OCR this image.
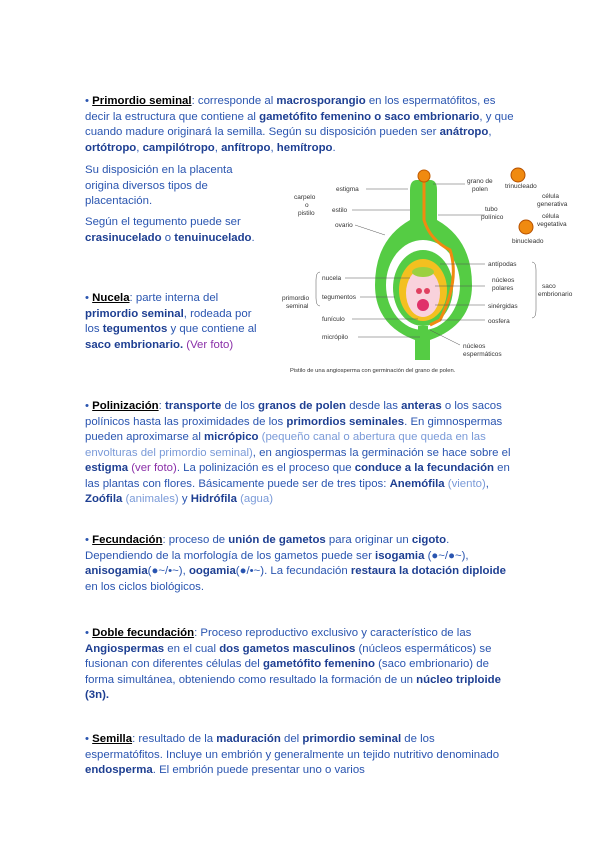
• Primordio seminal: corresponde al macrosporangio en los espermatófitos, es decir la estructura que contiene al gametófito femenino o saco embrionario, y que cuando madure originará la semilla. Según su disposición pueden ser anátropo, ortótropo, campilótropo, anfítropo, hemítropo.
Su disposición en la placenta origina diversos tipos de placentación.
Según el tegumento puede ser crasinucelado o tenuinucelado.
• Nucela: parte interna del primordio seminal, rodeada por los tegumentos y que contiene al saco embrionario. (Ver foto)
estigma
carpelo
o
pistilo	estilo
ovario
grano de
polen
tubo
polínico
trinucleado
célula
generativa
célula
vegetativa
binucleado
antípodas
núcleos
polares	saco
embrionario
sinérgidas
oosfera
núcleos
espermáticos
nucela
tegumentos
primordio
seminal
funículo
micrópilo
Pistilo de una angiosperma con germinación del grano de polen.
• Polinización: transporte de los granos de polen desde las anteras o los sacos polínicos hasta las proximidades de los primordios seminales. En gimnospermas pueden aproximarse al micrópico (pequeño canal o abertura que queda en las envolturas del primordio seminal), en angiospermas la germinación se hace sobre el estigma (ver foto). La polinización es el proceso que conduce a la fecundación en las plantas con flores. Básicamente puede ser de tres tipos: Anemófila (viento), Zoófila (animales) y Hidrófila (agua)
• Fecundación: proceso de unión de gametos para originar un cigoto. Dependiendo de la morfología de los gametos puede ser isogamia (●~/●~), anisogamia(●~/•~), oogamia(●/•~). La fecundación restaura la dotación diploide en los ciclos biológicos.
• Doble fecundación: Proceso reproductivo exclusivo y característico de las Angiospermas en el cual dos gametos masculinos (núcleos espermáticos) se fusionan con diferentes células del gametófito femenino (saco embrionario) de forma simultánea, obteniendo como resultado la formación de un núcleo triploide (3n).
• Semilla: resultado de la maduración del primordio seminal de los espermatófitos. Incluye un embrión y generalmente un tejido nutritivo denominado endosperma. El embrión puede presentar uno o varios
